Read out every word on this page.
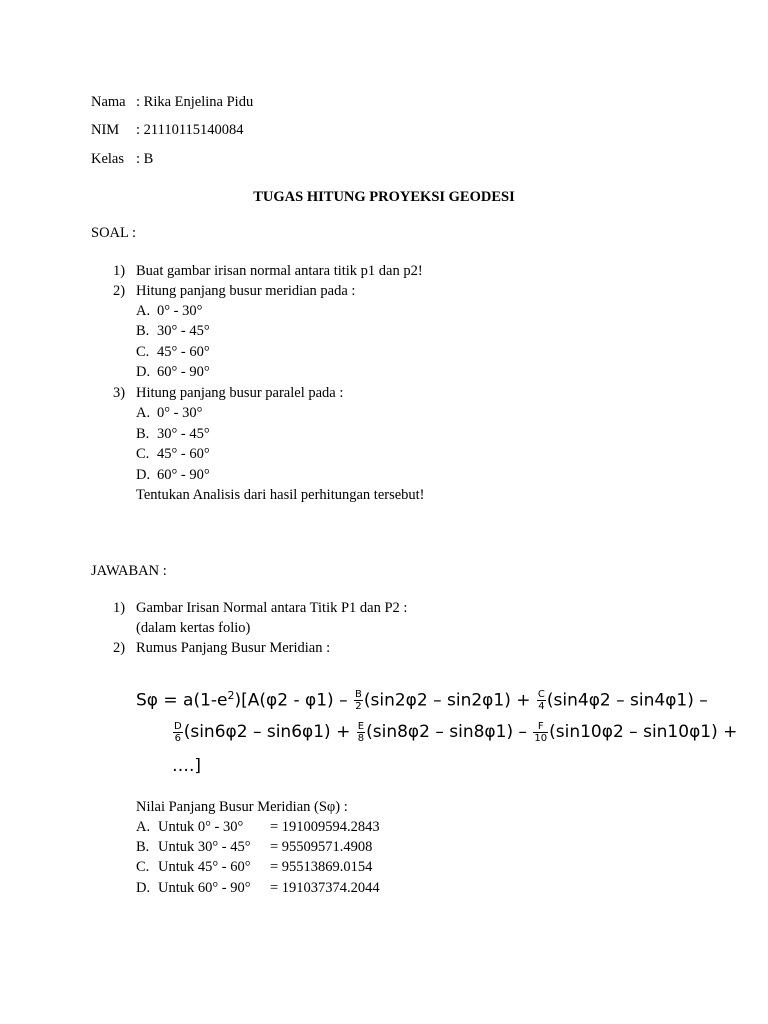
Nama : Rika Enjelina Pidu
NIM : 21110115140084
Kelas : B
TUGAS HITUNG PROYEKSI GEODESI
SOAL :
1) Buat gambar irisan normal antara titik p1 dan p2!
2) Hitung panjang busur meridian pada :
A. 0° - 30°
B. 30° - 45°
C. 45° - 60°
D. 60° - 90°
3) Hitung panjang busur paralel pada :
A. 0° - 30°
B. 30° - 45°
C. 45° - 60°
D. 60° - 90°
Tentukan Analisis dari hasil perhitungan tersebut!
JAWABAN :
1) Gambar Irisan Normal antara Titik P1 dan P2 :
(dalam kertas folio)
2) Rumus Panjang Busur Meridian :
$S\varphi = a(1-e^2)[A(\varphi 2 - \varphi 1) - \frac{B}{2} (\sin 2\varphi 2 - \sin 2\varphi 1) + \frac{C}{4} (\sin 4\varphi 2 - \sin 4\varphi 1)$ –
$\frac{D}{6} (\sin 6\varphi 2 - \sin 6\varphi 1) + \frac{E}{8} (\sin 8\varphi 2 - \sin 8\varphi 1) - \frac{F}{10} (\sin 10\varphi 2 - \sin 10\varphi 1)$ +
….]
Nilai Panjang Busur Meridian (Sφ) :
A. Untuk 0° - 30° = 191009594.2843
B. Untuk 30° - 45° = 95509571.4908
C. Untuk 45° - 60° = 95513869.0154
D. Untuk 60° - 90° = 191037374.2044
